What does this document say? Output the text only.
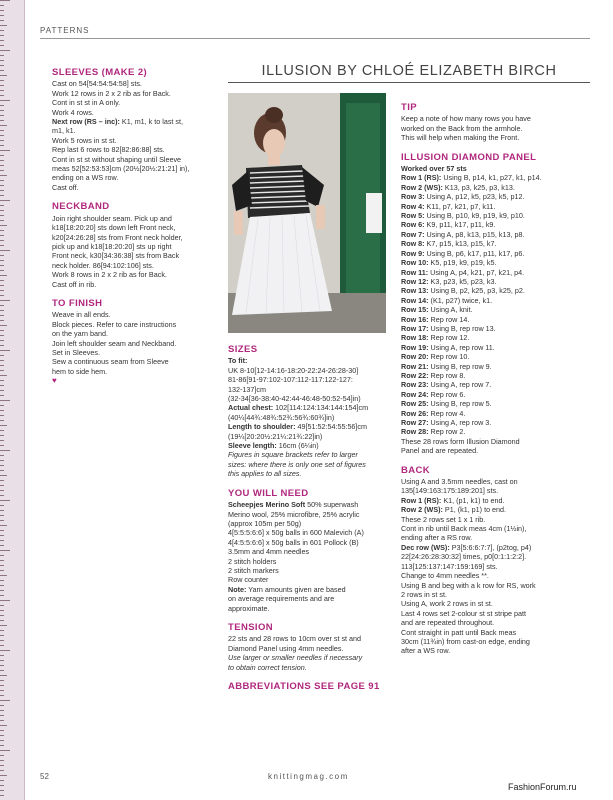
PATTERNS
SLEEVES (MAKE 2)

Cast on 54[54:54:54:58] sts.

Work 12 rows in 2 x 2 rib as for Back.

Cont in st st in A only.

Work 4 rows.

Next row (RS – inc): K1, m1, k to last st,

m1, k1.

Work 5 rows in st st.

Rep last 6 rows to 82[82:86:88] sts.

Cont in st st without shaping until Sleeve

meas 52[52:53:53]cm (20½[20½:21:21] in),

ending on a WS row.

Cast off.

NECKBAND

Join right shoulder seam. Pick up and

k18[18:20:20] sts down left Front neck,

k20[24:26:28] sts from Front neck holder,

pick up and k18[18:20:20] sts up right

Front neck, k30[34:36:38] sts from Back

neck holder. 86[94:102:106] sts.

Work 8 rows in 2 x 2 rib as for Back.

Cast off in rib.

TO FINISH

Weave in all ends.

Block pieces. Refer to care instructions

on the yarn band.

Join left shoulder seam and Neckband.

Set in Sleeves.

Sew a continuous seam from Sleeve

hem to side hem.

♥
ILLUSION BY CHLOÉ ELIZABETH BIRCH
SIZES

To fit:

UK 8-10[12-14:16-18:20-22:24-26:28-30]

81-86[91-97:102-107:112-117:122-127:

132-137]cm

(32-34[36-38:40-42:44-46:48-50:52-54]in)

Actual chest: 102[114:124:134:144:154]cm

(40¼[44¾:48¾:52¾:56¾:60¾]in)

Length to shoulder: 49[51:52:54:55:56]cm

(19¼[20:20½:21¼:21¾:22]in)

Sleeve length: 16cm (6¼in)

Figures in square brackets refer to larger

sizes: where there is only one set of figures

this applies to all sizes.

YOU WILL NEED

Scheepjes Merino Soft 50% superwash

Merino wool, 25% microfibre, 25% acrylic

(approx 105m per 50g)

4[5:5:5:6:6] x 50g balls in 600 Malevich (A)

4[4:5:5:6:6] x 50g balls in 601 Pollock (B)

3.5mm and 4mm needles

2 stitch holders

2 stitch markers

Row counter

Note: Yarn amounts given are based

on average requirements and are

approximate.

TENSION

22 sts and 28 rows to 10cm over st st and

Diamond Panel using 4mm needles.

Use larger or smaller needles if necessary

to obtain correct tension.

ABBREVIATIONS SEE PAGE 91
TIP

Keep a note of how many rows you have

worked on the Back from the armhole.

This will help when making the Front.

ILLUSION DIAMOND PANEL

Worked over 57 sts

Row 1 (RS): Using B, p14, k1, p27, k1, p14.

Row 2 (WS): K13, p3, k25, p3, k13.

Row 3: Using A, p12, k5, p23, k5, p12.

Row 4: K11, p7, k21, p7, k11.

Row 5: Using B, p10, k9, p19, k9, p10.

Row 6: K9, p11, k17, p11, k9.

Row 7: Using A, p8, k13, p15, k13, p8.

Row 8: K7, p15, k13, p15, k7.

Row 9: Using B, p6, k17, p11, k17, p6.

Row 10: K5, p19, k9, p19, k5.

Row 11: Using A, p4, k21, p7, k21, p4.

Row 12: K3, p23, k5, p23, k3.

Row 13: Using B, p2, k25, p3, k25, p2.

Row 14: (K1, p27) twice, k1.

Row 15: Using A, knit.

Row 16: Rep row 14.

Row 17: Using B, rep row 13.

Row 18: Rep row 12.

Row 19: Using A, rep row 11.

Row 20: Rep row 10.

Row 21: Using B, rep row 9.

Row 22: Rep row 8.

Row 23: Using A, rep row 7.

Row 24: Rep row 6.

Row 25: Using B, rep row 5.

Row 26: Rep row 4.

Row 27: Using A, rep row 3.

Row 28: Rep row 2.

These 28 rows form Illusion Diamond

Panel and are repeated.

BACK

Using A and 3.5mm needles, cast on

135[149:163:175:189:201] sts.

Row 1 (RS): K1, (p1, k1) to end.

Row 2 (WS): P1, (k1, p1) to end.

These 2 rows set 1 x 1 rib.

Cont in rib until Back meas 4cm (1½in),

ending after a RS row.

Dec row (WS): P3[5:6:6:7:7], (p2tog, p4)

22[24:26:28:30:32] times, p0[0:1:1:2:2].

113[125:137:147:159:169] sts.

Change to 4mm needles **.

Using B and beg with a k row for RS, work

2 rows in st st.

Using A, work 2 rows in st st.

Last 4 rows set 2-colour st st stripe patt

and are repeated throughout.

Cont straight in patt until Back meas

30cm (11¾in) from cast-on edge, ending

after a WS row.

52	knittingmag.com
FashionForum.ru
